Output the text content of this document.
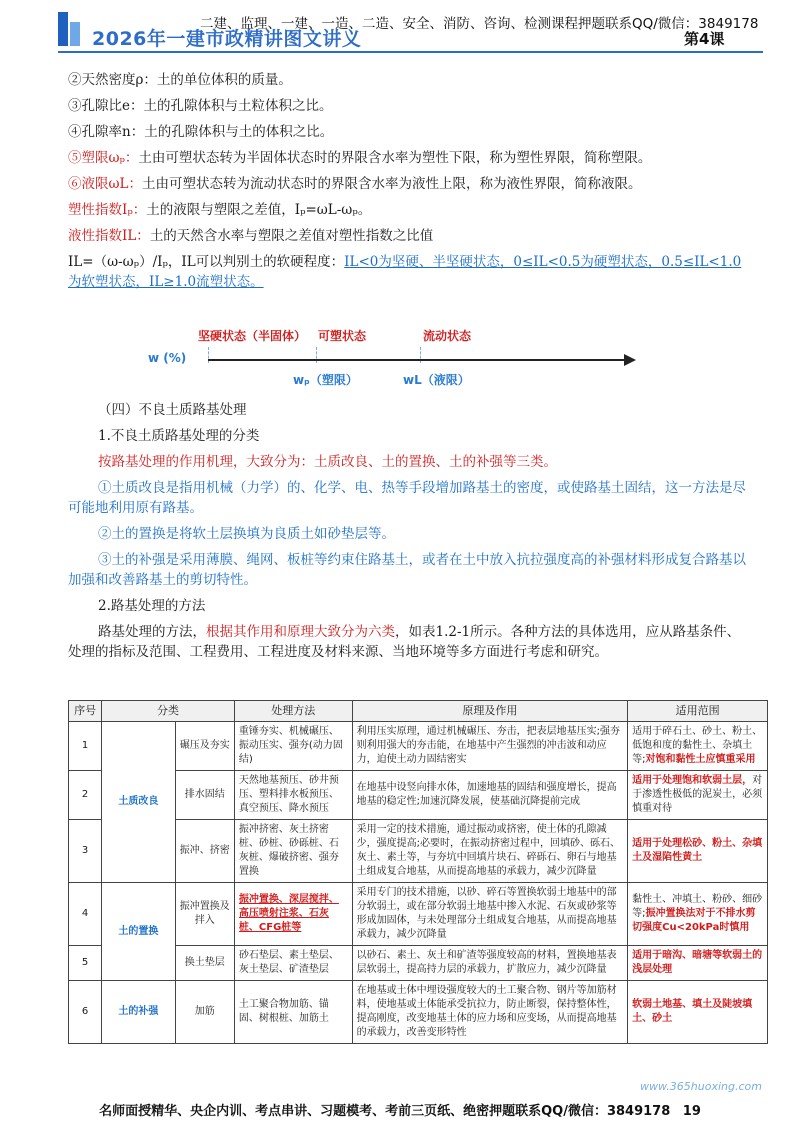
二建、监理、一建、一造、二造、安全、消防、咨询、检测课程押题联系QQ/微信：3849178
2026年一建市政精讲图文讲义	第4课

②天然密度ρ：土的单位体积的质量。

③孔隙比e：土的孔隙体积与土粒体积之比。

④孔隙率n：土的孔隙体积与土的体积之比。

⑤塑限ωₚ：土由可塑状态转为半固体状态时的界限含水率为塑性下限，称为塑性界限，简称塑限。

⑥液限ωL：土由可塑状态转为流动状态时的界限含水率为液性上限，称为液性界限，简称液限。

塑性指数Iₚ：土的液限与塑限之差值，Iₚ=ωL-ωₚ。

液性指数IL：土的天然含水率与塑限之差值对塑性指数之比值

IL=（ω-ωₚ）/Iₚ，IL可以判别土的软硬程度：IL<0为坚硬、半坚硬状态，0≤IL<0.5为硬塑状态，0.5≤IL<1.0为软塑状态，IL≥1.0流塑状态。

坚硬状态（半固体） 可塑状态	流动状态
w (%)
wₚ（塑限）	wL（液限）

（四）不良土质路基处理

1.不良土质路基处理的分类

按路基处理的作用机理，大致分为：土质改良、土的置换、土的补强等三类。

①土质改良是指用机械（力学）的、化学、电、热等手段增加路基土的密度，或使路基土固结，这一方法是尽可能地利用原有路基。

②土的置换是将软土层换填为良质土如砂垫层等。

③土的补强是采用薄膜、绳网、板桩等约束住路基土，或者在土中放入抗拉强度高的补强材料形成复合路基以加强和改善路基土的剪切特性。

2.路基处理的方法

路基处理的方法，根据其作用和原理大致分为六类，如表1.2-1所示。各种方法的具体选用，应从路基条件、处理的指标及范围、工程费用、工程进度及材料来源、当地环境等多方面进行考虑和研究。

序号	分类		处理方法	原理及作用	适用范围
1	土质改良	碾压及夯实	重锤夯实、机械碾压、振动压实、强夯(动力固结)	利用压实原理，通过机械碾压、夯击，把表层地基压实;强夯则利用强大的夯击能，在地基中产生强烈的冲击波和动应力，迫使土动力固结密实	适用于碎石土、砂土、粉土、低饱和度的黏性土、杂填土等;对饱和黏性土应慎重采用
2		排水固结	天然地基预压、砂井预压、塑料排水板预压、真空预压、降水预压	在地基中设竖向排水体，加速地基的固结和强度增长，提高地基的稳定性;加速沉降发展，使基础沉降提前完成	适用于处理饱和软弱土层，对于渗透性极低的泥炭土，必须慎重对待
3		振冲、挤密	振冲挤密、灰土挤密桩、砂桩、砂砾桩、石灰桩、爆破挤密、强夯置换	采用一定的技术措施，通过振动或挤密，使土体的孔隙减少，强度提高;必要时，在振动挤密过程中，回填砂、砾石、灰土、素土等，与夯坑中回填片块石、碎砾石、卵石与地基土组成复合地基，从而提高地基的承载力，减少沉降量	适用于处理松砂、粉土、杂填土及湿陷性黄土
4	土的置换	振冲置换及拌入	振冲置换、深层搅拌、高压喷射注浆、石灰桩、CFG桩等	采用专门的技术措施，以砂、碎石等置换软弱土地基中的部分软弱土，或在部分软弱土地基中掺入水泥、石灰或砂浆等形成加固体，与未处理部分土组成复合地基，从而提高地基承载力，减少沉降量	黏性土、冲填土、粉砂、细砂等;振冲置换法对于不排水剪切强度Cu<20kPa时慎用
5		换土垫层	砂石垫层、素土垫层、灰土垫层、矿渣垫层	以砂石、素土、灰土和矿渣等强度较高的材料，置换地基表层软弱土，提高持力层的承载力，扩散应力，减少沉降量	适用于暗沟、暗塘等软弱土的浅层处理
6	土的补强	加筋	土工聚合物加筋、锚固、树根桩、加筋土	在地基或土体中埋设强度较大的土工聚合物、钢片等加筋材料，使地基或土体能承受抗拉力，防止断裂，保持整体性，提高刚度，改变地基土体的应力场和应变场，从而提高地基的承载力，改善变形特性	软弱土地基、填土及陡坡填土、砂土
www.365huoxing.com
名师面授精华、央企内训、考点串讲、习题模考、考前三页纸、绝密押题联系QQ/微信：3849178 19
